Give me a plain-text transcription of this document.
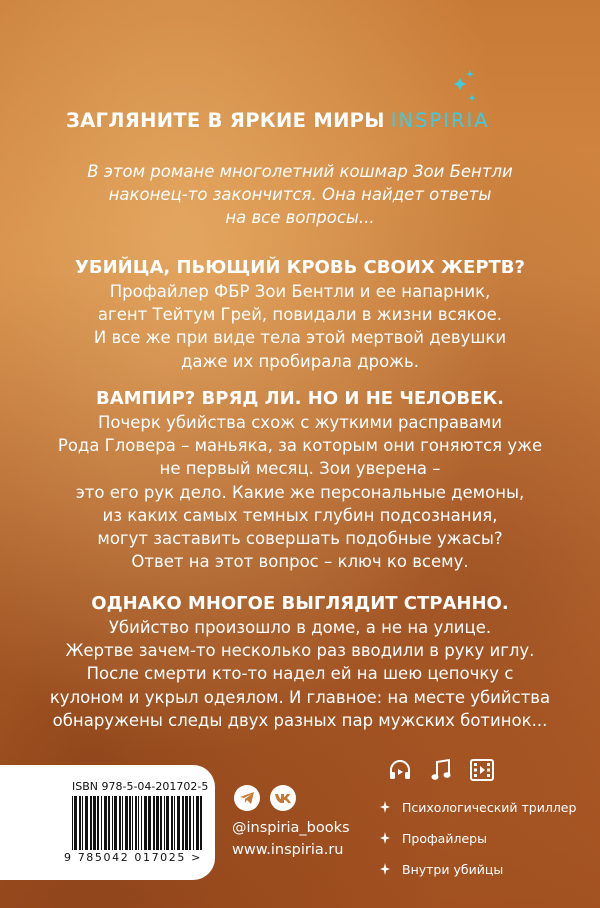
ЗАГЛЯНИТЕ В ЯРКИЕ МИРЫ INSPIRIA
В этом романе многолетний кошмар Зои Бентли
наконец-то закончится. Она найдет ответы
на все вопросы...
УБИЙЦА, ПЬЮЩИЙ КРОВЬ СВОИХ ЖЕРТВ?

Профайлер ФБР Зои Бентли и ее напарник,

агент Тейтум Грей, повидали в жизни всякое.

И все же при виде тела этой мертвой девушки

даже их пробирала дрожь.

ВАМПИР? ВРЯД ЛИ. НО И НЕ ЧЕЛОВЕК.

Почерк убийства схож с жуткими расправами

Рода Гловера – маньяка, за которым они гоняются уже

не первый месяц. Зои уверена –

это его рук дело. Какие же персональные демоны,

из каких самых темных глубин подсознания,

могут заставить совершать подобные ужасы?

Ответ на этот вопрос – ключ ко всему.

ОДНАКО МНОГОЕ ВЫГЛЯДИТ СТРАННО.

Убийство произошло в доме, а не на улице.

Жертве зачем-то несколько раз вводили в руку иглу.

После смерти кто-то надел ей на шею цепочку с

кулоном и укрыл одеялом. И главное: на месте убийства

обнаружены следы двух разных пар мужских ботинок...

ISBN 978-5-04-201702-5
9 785042 017025 >
@inspiria_books
www.inspiria.ru
Психологический триллер
Профайлеры
Внутри убийцы
